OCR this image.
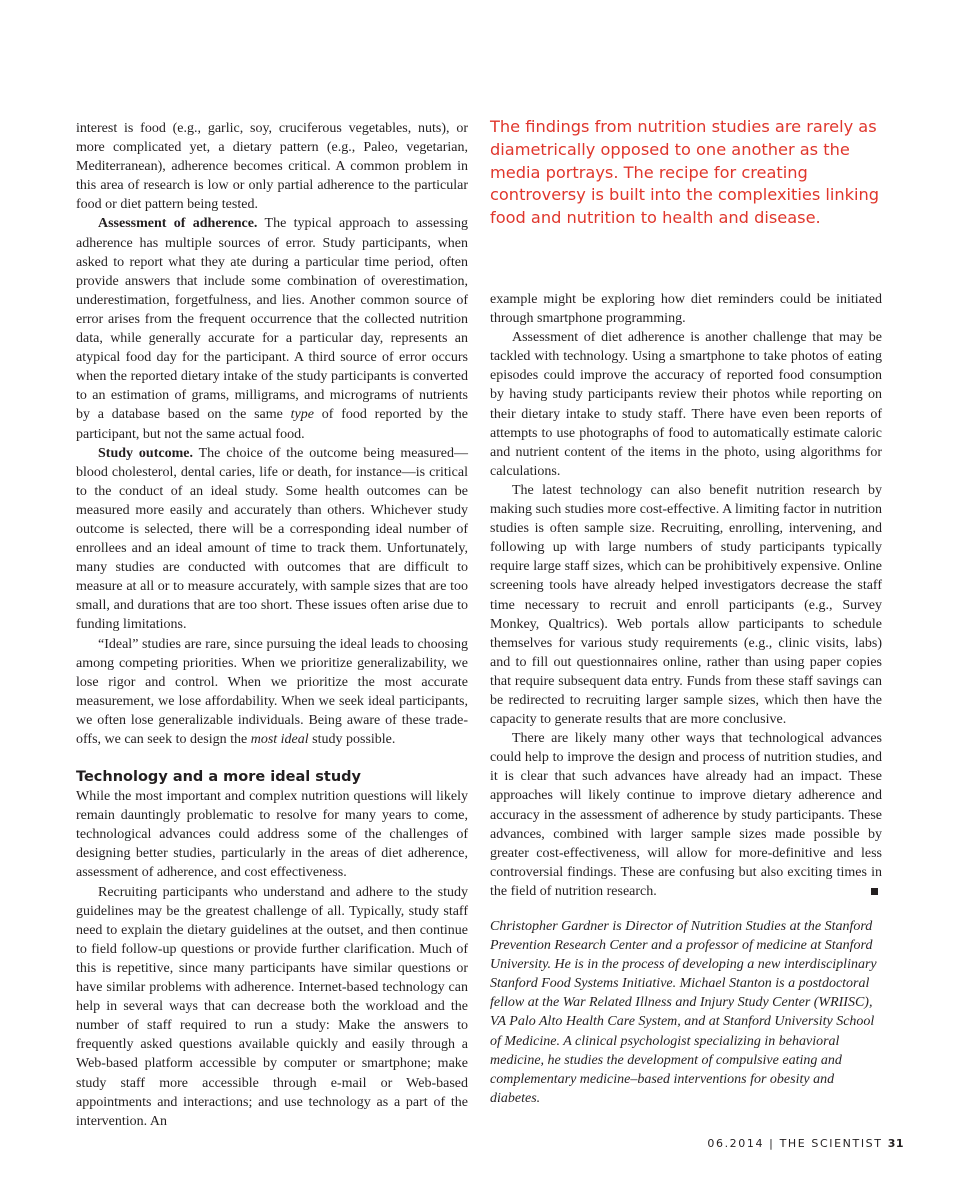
interest is food (e.g., garlic, soy, cruciferous vegetables, nuts), or more complicated yet, a dietary pattern (e.g., Paleo, vegetarian, Mediterranean), adherence becomes critical. A common problem in this area of research is low or only partial adherence to the particular food or diet pattern being tested.

Assessment of adherence. The typical approach to assessing adherence has multiple sources of error. Study participants, when asked to report what they ate during a particular time period, often provide answers that include some combination of overestimation, underestimation, forgetfulness, and lies. Another common source of error arises from the frequent occurrence that the collected nutrition data, while generally accurate for a particular day, represents an atypical food day for the participant. A third source of error occurs when the reported dietary intake of the study participants is converted to an estimation of grams, milligrams, and micrograms of nutrients by a database based on the same type of food reported by the participant, but not the same actual food.

Study outcome. The choice of the outcome being measured—blood cholesterol, dental caries, life or death, for instance—is critical to the conduct of an ideal study. Some health outcomes can be measured more easily and accurately than others. Whichever study outcome is selected, there will be a corresponding ideal number of enrollees and an ideal amount of time to track them. Unfortunately, many studies are conducted with outcomes that are difficult to measure at all or to measure accurately, with sample sizes that are too small, and durations that are too short. These issues often arise due to funding limitations.

“Ideal” studies are rare, since pursuing the ideal leads to choosing among competing priorities. When we prioritize generalizability, we lose rigor and control. When we prioritize the most accurate measurement, we lose affordability. When we seek ideal participants, we often lose generalizable individuals. Being aware of these trade-offs, we can seek to design the most ideal study possible.

Technology and a more ideal study

While the most important and complex nutrition questions will likely remain dauntingly problematic to resolve for many years to come, technological advances could address some of the challenges of designing better studies, particularly in the areas of diet adherence, assessment of adherence, and cost effectiveness.

Recruiting participants who understand and adhere to the study guidelines may be the greatest challenge of all. Typically, study staff need to explain the dietary guidelines at the outset, and then continue to field follow-up questions or provide further clarification. Much of this is repetitive, since many participants have similar questions or have similar problems with adherence. Internet-based technology can help in several ways that can decrease both the workload and the number of staff required to run a study: Make the answers to frequently asked questions available quickly and easily through a Web-based platform accessible by computer or smartphone; make study staff more accessible through e-mail or Web-based appointments and interactions; and use technology as a part of the intervention. An

The findings from nutrition studies are rarely as diametrically opposed to one another as the media portrays. The recipe for creating controversy is built into the complexities linking food and nutrition to health and disease.

example might be exploring how diet reminders could be initiated through smartphone programming.

Assessment of diet adherence is another challenge that may be tackled with technology. Using a smartphone to take photos of eating episodes could improve the accuracy of reported food consumption by having study participants review their photos while reporting on their dietary intake to study staff. There have even been reports of attempts to use photographs of food to automatically estimate caloric and nutrient content of the items in the photo, using algorithms for calculations.

The latest technology can also benefit nutrition research by making such studies more cost-effective. A limiting factor in nutrition studies is often sample size. Recruiting, enrolling, intervening, and following up with large numbers of study participants typically require large staff sizes, which can be prohibitively expensive. Online screening tools have already helped investigators decrease the staff time necessary to recruit and enroll participants (e.g., Survey Monkey, Qualtrics). Web portals allow participants to schedule themselves for various study requirements (e.g., clinic visits, labs) and to fill out questionnaires online, rather than using paper copies that require subsequent data entry. Funds from these staff savings can be redirected to recruiting larger sample sizes, which then have the capacity to generate results that are more conclusive.

There are likely many other ways that technological advances could help to improve the design and process of nutrition studies, and it is clear that such advances have already had an impact. These approaches will likely continue to improve dietary adherence and accuracy in the assessment of adherence by study participants. These advances, combined with larger sample sizes made possible by greater cost-effectiveness, will allow for more-definitive and less controversial findings. These are confusing but also exciting times in the field of nutrition research.

Christopher Gardner is Director of Nutrition Studies at the Stanford Prevention Research Center and a professor of medicine at Stanford University. He is in the process of developing a new interdisciplinary Stanford Food Systems Initiative. Michael Stanton is a postdoctoral fellow at the War Related Illness and Injury Study Center (WRIISC), VA Palo Alto Health Care System, and at Stanford University School of Medicine. A clinical psychologist specializing in behavioral medicine, he studies the development of compulsive eating and complementary medicine–based interventions for obesity and diabetes.

06.2014 | THE SCIENTIST 31
